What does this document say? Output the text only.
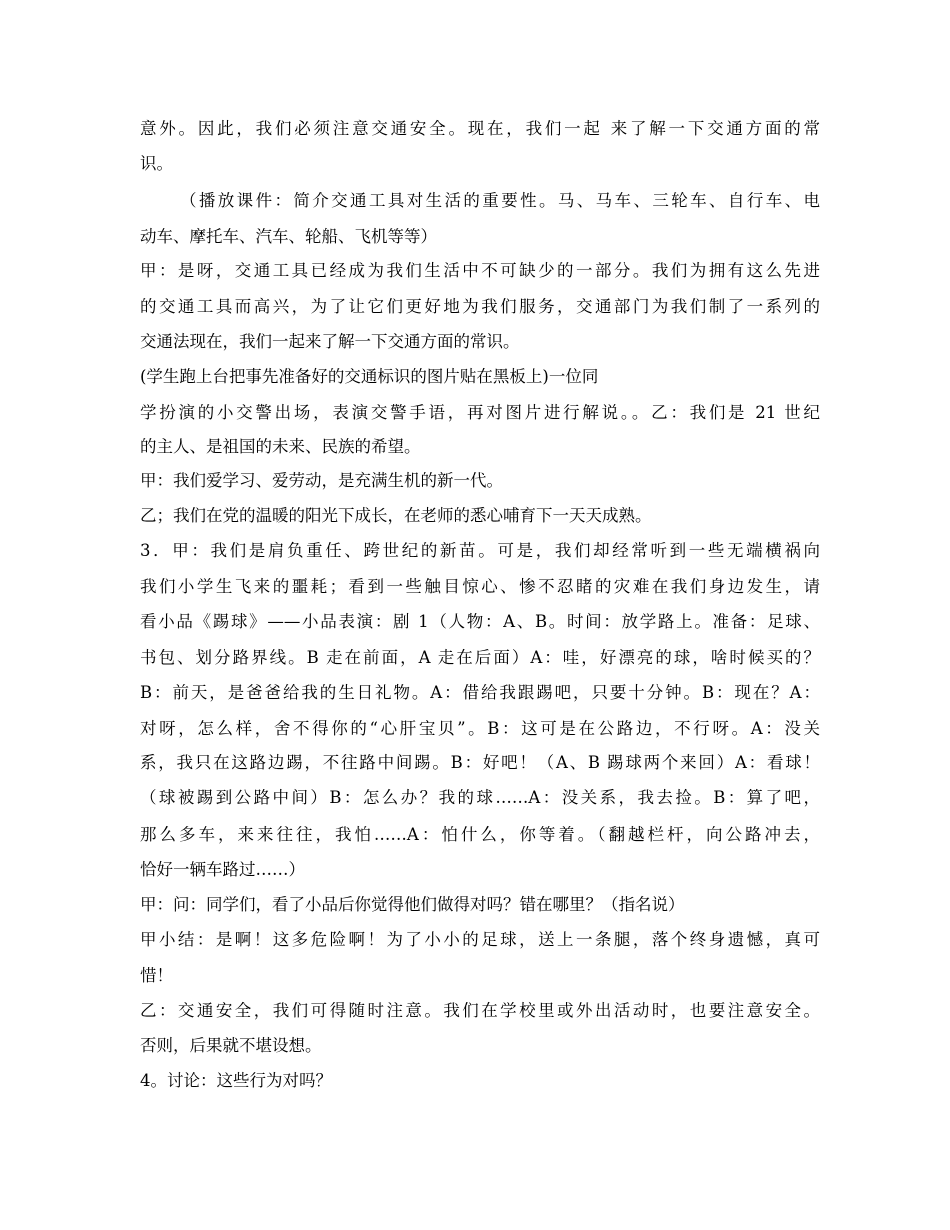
意外。因此，我们必须注意交通安全。现在，我们一起 来了解一下交通方面的常
识。
（播放课件：简介交通工具对生活的重要性。马、马车、三轮车、自行车、电
动车、摩托车、汽车、轮船、飞机等等）
甲：是呀，交通工具已经成为我们生活中不可缺少的一部分。我们为拥有这么先进
的交通工具而高兴，为了让它们更好地为我们服务，交通部门为我们制了一系列的
交通法现在，我们一起来了解一下交通方面的常识。
(学生跑上台把事先准备好的交通标识的图片贴在黑板上)一位同
学扮演的小交警出场，表演交警手语，再对图片进行解说。。乙：我们是 21 世纪
的主人、是祖国的未来、民族的希望。
甲：我们爱学习、爱劳动，是充满生机的新一代。
乙；我们在党的温暖的阳光下成长，在老师的悉心哺育下一天天成熟。
3．甲：我们是肩负重任、跨世纪的新苗。可是，我们却经常听到一些无端横祸向
我们小学生飞来的噩耗；看到一些触目惊心、惨不忍睹的灾难在我们身边发生，请
看小品《踢球》——小品表演：剧 1（人物：A、B。时间：放学路上。准备：足球、
书包、划分路界线。B 走在前面，A 走在后面）A：哇，好漂亮的球，啥时候买的？
B：前天，是爸爸给我的生日礼物。A：借给我跟踢吧，只要十分钟。B：现在？A：
对呀，怎么样，舍不得你的“心肝宝贝”。B：这可是在公路边，不行呀。A：没关
系，我只在这路边踢，不往路中间踢。B：好吧！（A、B 踢球两个来回）A：看球！
（球被踢到公路中间）B：怎么办？我的球……A：没关系，我去捡。B：算了吧，
那么多车，来来往往，我怕……A：怕什么，你等着。（翻越栏杆，向公路冲去，
恰好一辆车路过……）
甲：问：同学们，看了小品后你觉得他们做得对吗？错在哪里？（指名说）
甲小结：是啊！这多危险啊！为了小小的足球，送上一条腿，落个终身遗憾，真可
惜！
乙：交通安全，我们可得随时注意。我们在学校里或外出活动时，也要注意安全。
否则，后果就不堪设想。
4。讨论：这些行为对吗？
